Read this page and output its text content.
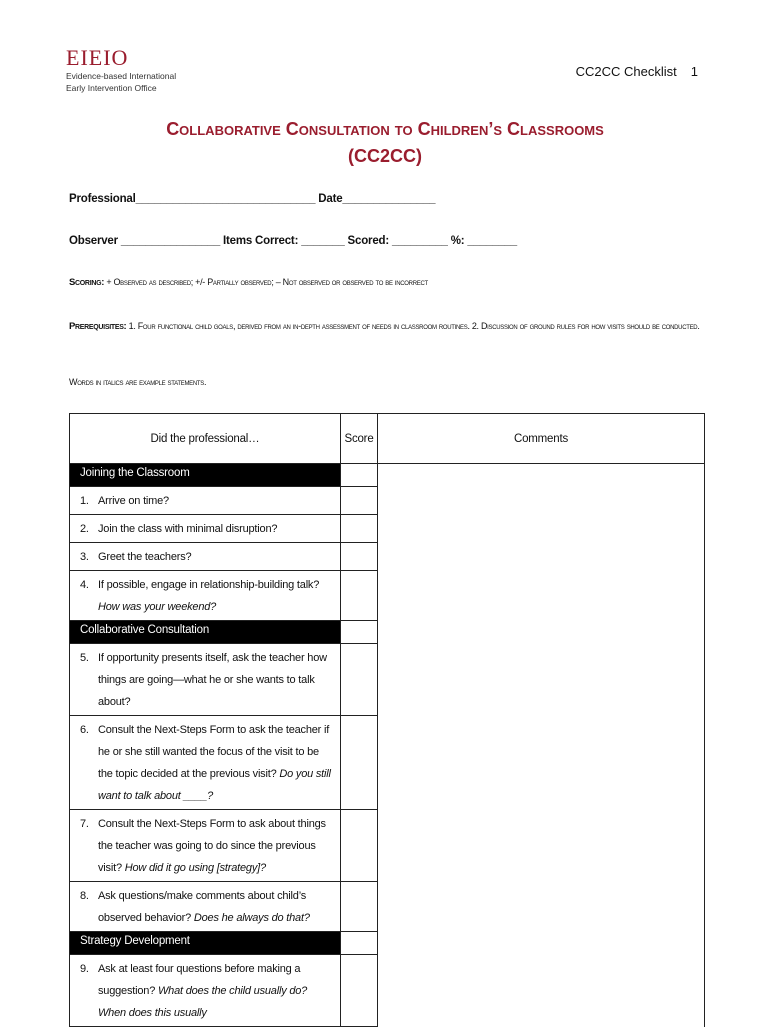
EIEIO
Evidence-based International
Early Intervention Office
CC2CC Checklist 1
Collaborative Consultation to Children’s Classrooms
(CC2CC)
Professional_____________________________ Date_______________
Observer ________________ Items Correct: _______ Scored: _________ %: ________
Scoring: + Observed as described; +/- Partially observed; – Not observed or observed to be incorrect
Prerequisites: 1. Four functional child goals, derived from an in-depth assessment of needs in classroom routines. 2. Discussion of ground rules for how visits should be conducted.
Words in italics are example statements.
Did the professional…	Score	Comments
Joining the Classroom		

1. Arrive on time?		

2. Join the class with minimal disruption?		

3. Greet the teachers?		

4. If possible, engage in relationship-building talk? How was your weekend?		

Collaborative Consultation		

5. If opportunity presents itself, ask the teacher how things are going—what he or she wants to talk about?		

6. Consult the Next-Steps Form to ask the teacher if he or she still wanted the focus of the visit to be the topic decided at the previous visit? Do you still want to talk about ____?		

7. Consult the Next-Steps Form to ask about things the teacher was going to do since the previous visit? How did it go using [strategy]?		

8. Ask questions/make comments about child’s observed behavior? Does he always do that?		

Strategy Development		

9. Ask at least four questions before making a suggestion? What does the child usually do? When does this usually		
